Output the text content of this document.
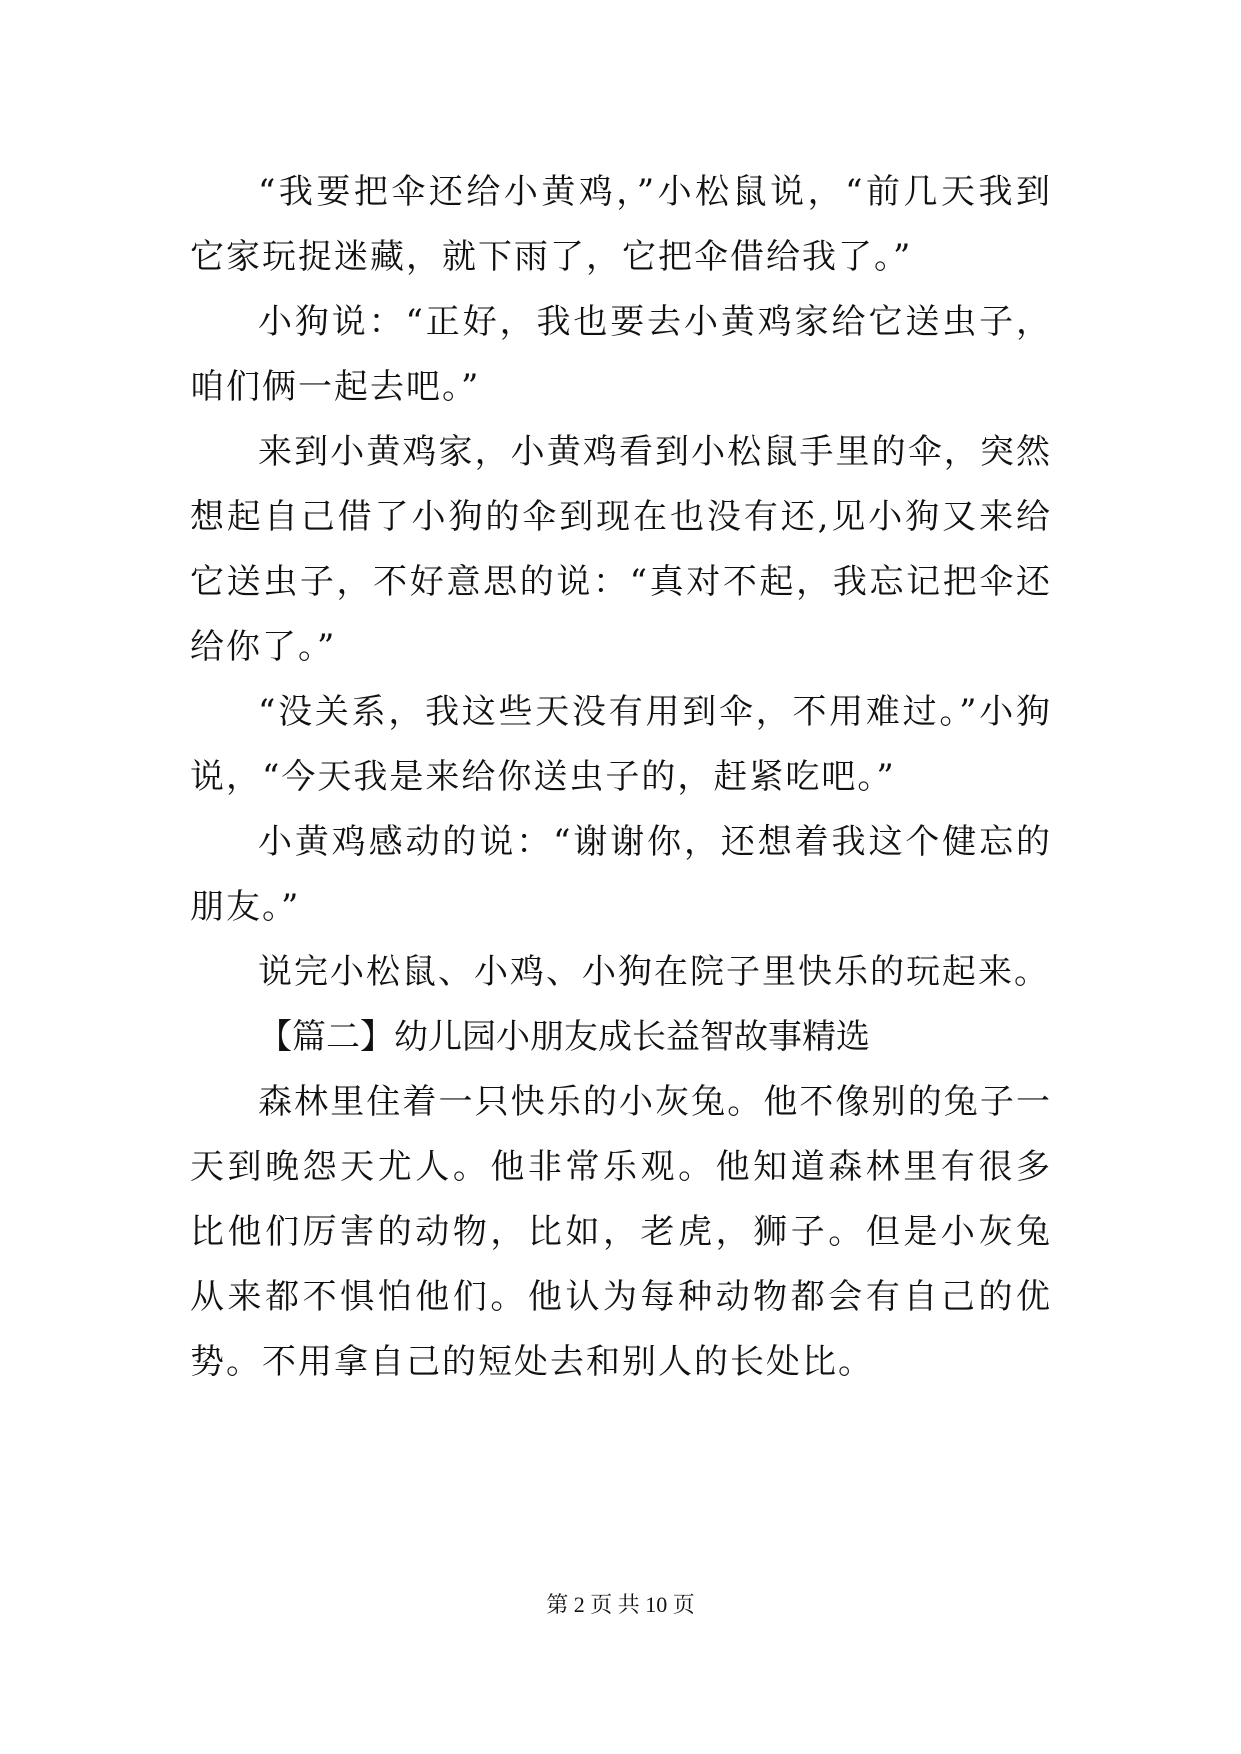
“我要把伞还给小黄鸡，”小松鼠说，“前几天我到它家玩捉迷藏，就下雨了，它把伞借给我了。”

小狗说：“正好，我也要去小黄鸡家给它送虫子，咱们俩一起去吧。”

来到小黄鸡家，小黄鸡看到小松鼠手里的伞，突然想起自己借了小狗的伞到现在也没有还,见小狗又来给它送虫子，不好意思的说：“真对不起，我忘记把伞还给你了。”

“没关系，我这些天没有用到伞，不用难过。”小狗说，“今天我是来给你送虫子的，赶紧吃吧。”

小黄鸡感动的说：“谢谢你，还想着我这个健忘的朋友。”

说完小松鼠、小鸡、小狗在院子里快乐的玩起来。

【篇二】幼儿园小朋友成长益智故事精选

森林里住着一只快乐的小灰兔。他不像别的兔子一天到晚怨天尤人。他非常乐观。他知道森林里有很多比他们厉害的动物，比如，老虎，狮子。但是小灰兔从来都不惧怕他们。他认为每种动物都会有自己的优势。不用拿自己的短处去和别人的长处比。

第 2 页 共 10 页
